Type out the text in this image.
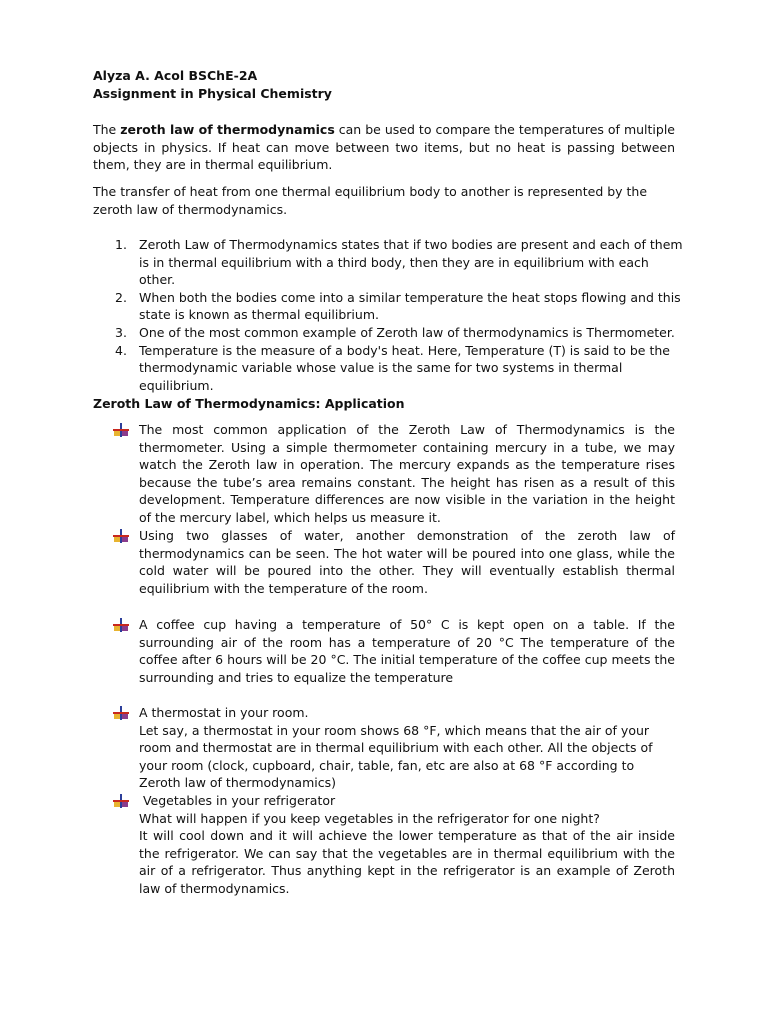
Alyza A. Acol BSChE-2A
Assignment in Physical Chemistry

The zeroth law of thermodynamics can be used to compare the temperatures of multiple objects in physics. If heat can move between two items, but no heat is passing between them, they are in thermal equilibrium.

The transfer of heat from one thermal equilibrium body to another is represented by the zeroth law of thermodynamics.

1. Zeroth Law of Thermodynamics states that if two bodies are present and each of them is in thermal equilibrium with a third body, then they are in equilibrium with each other.
2. When both the bodies come into a similar temperature the heat stops flowing and this state is known as thermal equilibrium.
3. One of the most common example of Zeroth law of thermodynamics is Thermometer.
4. Temperature is the measure of a body's heat. Here, Temperature (T) is said to be the thermodynamic variable whose value is the same for two systems in thermal equilibrium.
Zeroth Law of Thermodynamics: Application
The most common application of the Zeroth Law of Thermodynamics is the thermometer. Using a simple thermometer containing mercury in a tube, we may watch the Zeroth law in operation. The mercury expands as the temperature rises because the tube’s area remains constant. The height has risen as a result of this development. Temperature differences are now visible in the variation in the height of the mercury label, which helps us measure it.
Using two glasses of water, another demonstration of the zeroth law of thermodynamics can be seen. The hot water will be poured into one glass, while the cold water will be poured into the other. They will eventually establish thermal equilibrium with the temperature of the room.
A coffee cup having a temperature of 50° C is kept open on a table. If the surrounding air of the room has a temperature of 20 °C The temperature of the coffee after 6 hours will be 20 °C. The initial temperature of the coffee cup meets the surrounding and tries to equalize the temperature
A thermostat in your room.
Let say, a thermostat in your room shows 68 °F, which means that the air of your room and thermostat are in thermal equilibrium with each other. All the objects of your room (clock, cupboard, chair, table, fan, etc are also at 68 °F according to Zeroth law of thermodynamics)
Vegetables in your refrigerator
What will happen if you keep vegetables in the refrigerator for one night?
It will cool down and it will achieve the lower temperature as that of the air inside the refrigerator. We can say that the vegetables are in thermal equilibrium with the air of a refrigerator. Thus anything kept in the refrigerator is an example of Zeroth law of thermodynamics.
